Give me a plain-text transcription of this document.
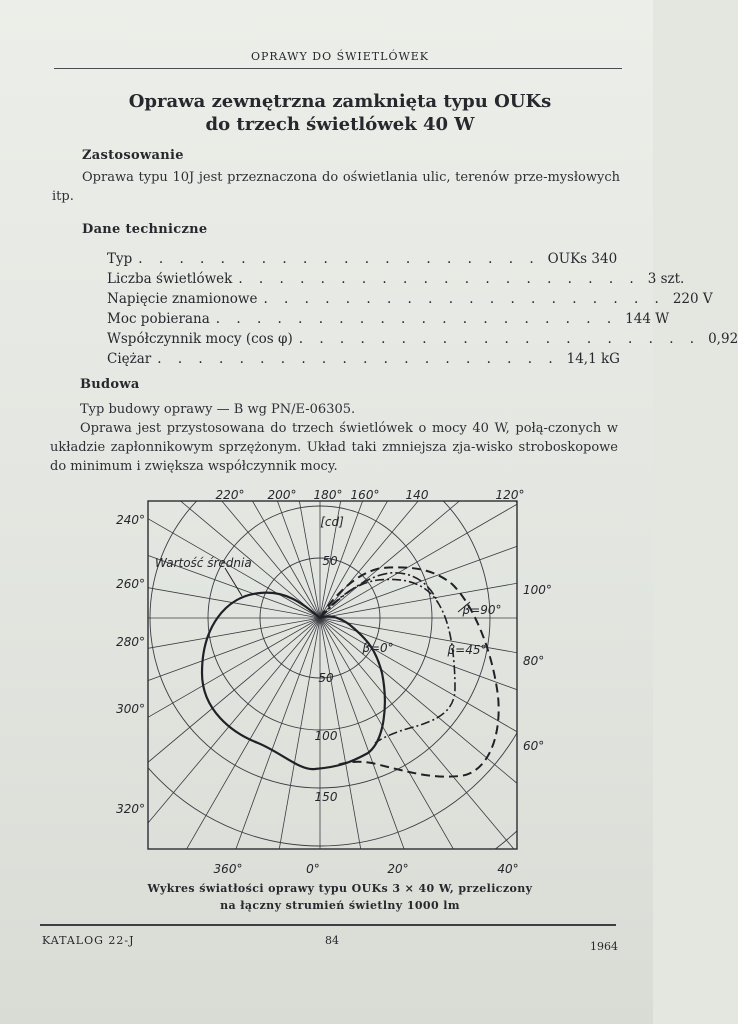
OPRAWY DO ŚWIETLÓWEK
Oprawa zewnętrzna zamknięta typu OUKs
do trzech świetlówek 40 W
Zastosowanie
Oprawa typu 10J jest przeznaczona do oświetlania ulic, terenów prze-mysłowych itp.
Dane techniczne
Typ . . . . . . . . . . . . . . . . . . . . OUKs 340
Liczba świetlówek . . . . . . . . . . . . . . . . . . . . 3 szt.
Napięcie znamionowe . . . . . . . . . . . . . . . . . . . . 220 V
Moc pobierana . . . . . . . . . . . . . . . . . . . . 144 W
Współczynnik mocy (cos φ) . . . . . . . . . . . . . . . . . . . . 0,92
Ciężar . . . . . . . . . . . . . . . . . . . . 14,1 kG
Budowa
Typ budowy oprawy — B wg PN/E-06305.
Oprawa jest przystosowana do trzech świetlówek o mocy 40 W, połą-czonych w układzie zapłonnikowym sprzężonym. Układ taki zmniejsza zja-wisko stroboskopowe do minimum i zwiększa współczynnik mocy.
220° 200° 180° 160° 140	120°
240°
260°
280°
300°
320°
100°
80°
60°
360°	0°	20°	40°
[cd]
50
50
100
150
Wartość średnia
β=0°	β=45°
β=90°
Wykres światłości oprawy typu OUKs 3 × 40 W, przeliczony
na łączny strumień świetlny 1000 lm
KATALOG 22-J	84	1964
